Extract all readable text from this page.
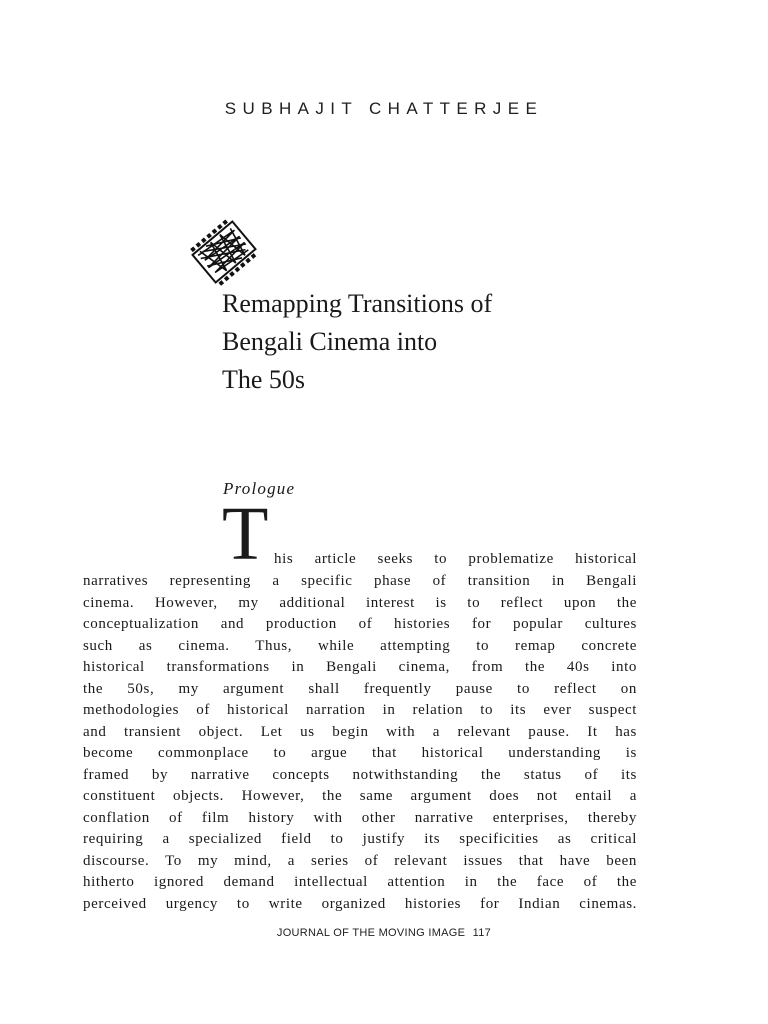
SUBHAJIT CHATTERJEE
Remapping Transitions of
Bengali Cinema into
The 50s
Prologue
T his article seeks to problematize historical
narratives representing a specific phase of transition in Bengali
cinema. However, my additional interest is to reflect upon the
conceptualization and production of histories for popular cultures
such as cinema. Thus, while attempting to remap concrete
historical transformations in Bengali cinema, from the 40s into
the 50s, my argument shall frequently pause to reflect on
methodologies of historical narration in relation to its ever suspect
and transient object. Let us begin with a relevant pause. It has
become commonplace to argue that historical understanding is
framed by narrative concepts notwithstanding the status of its
constituent objects. However, the same argument does not entail a
conflation of film history with other narrative enterprises, thereby
requiring a specialized field to justify its specificities as critical
discourse. To my mind, a series of relevant issues that have been
hitherto ignored demand intellectual attention in the face of the
perceived urgency to write organized histories for Indian cinemas.
JOURNAL OF THE MOVING IMAGE 117
